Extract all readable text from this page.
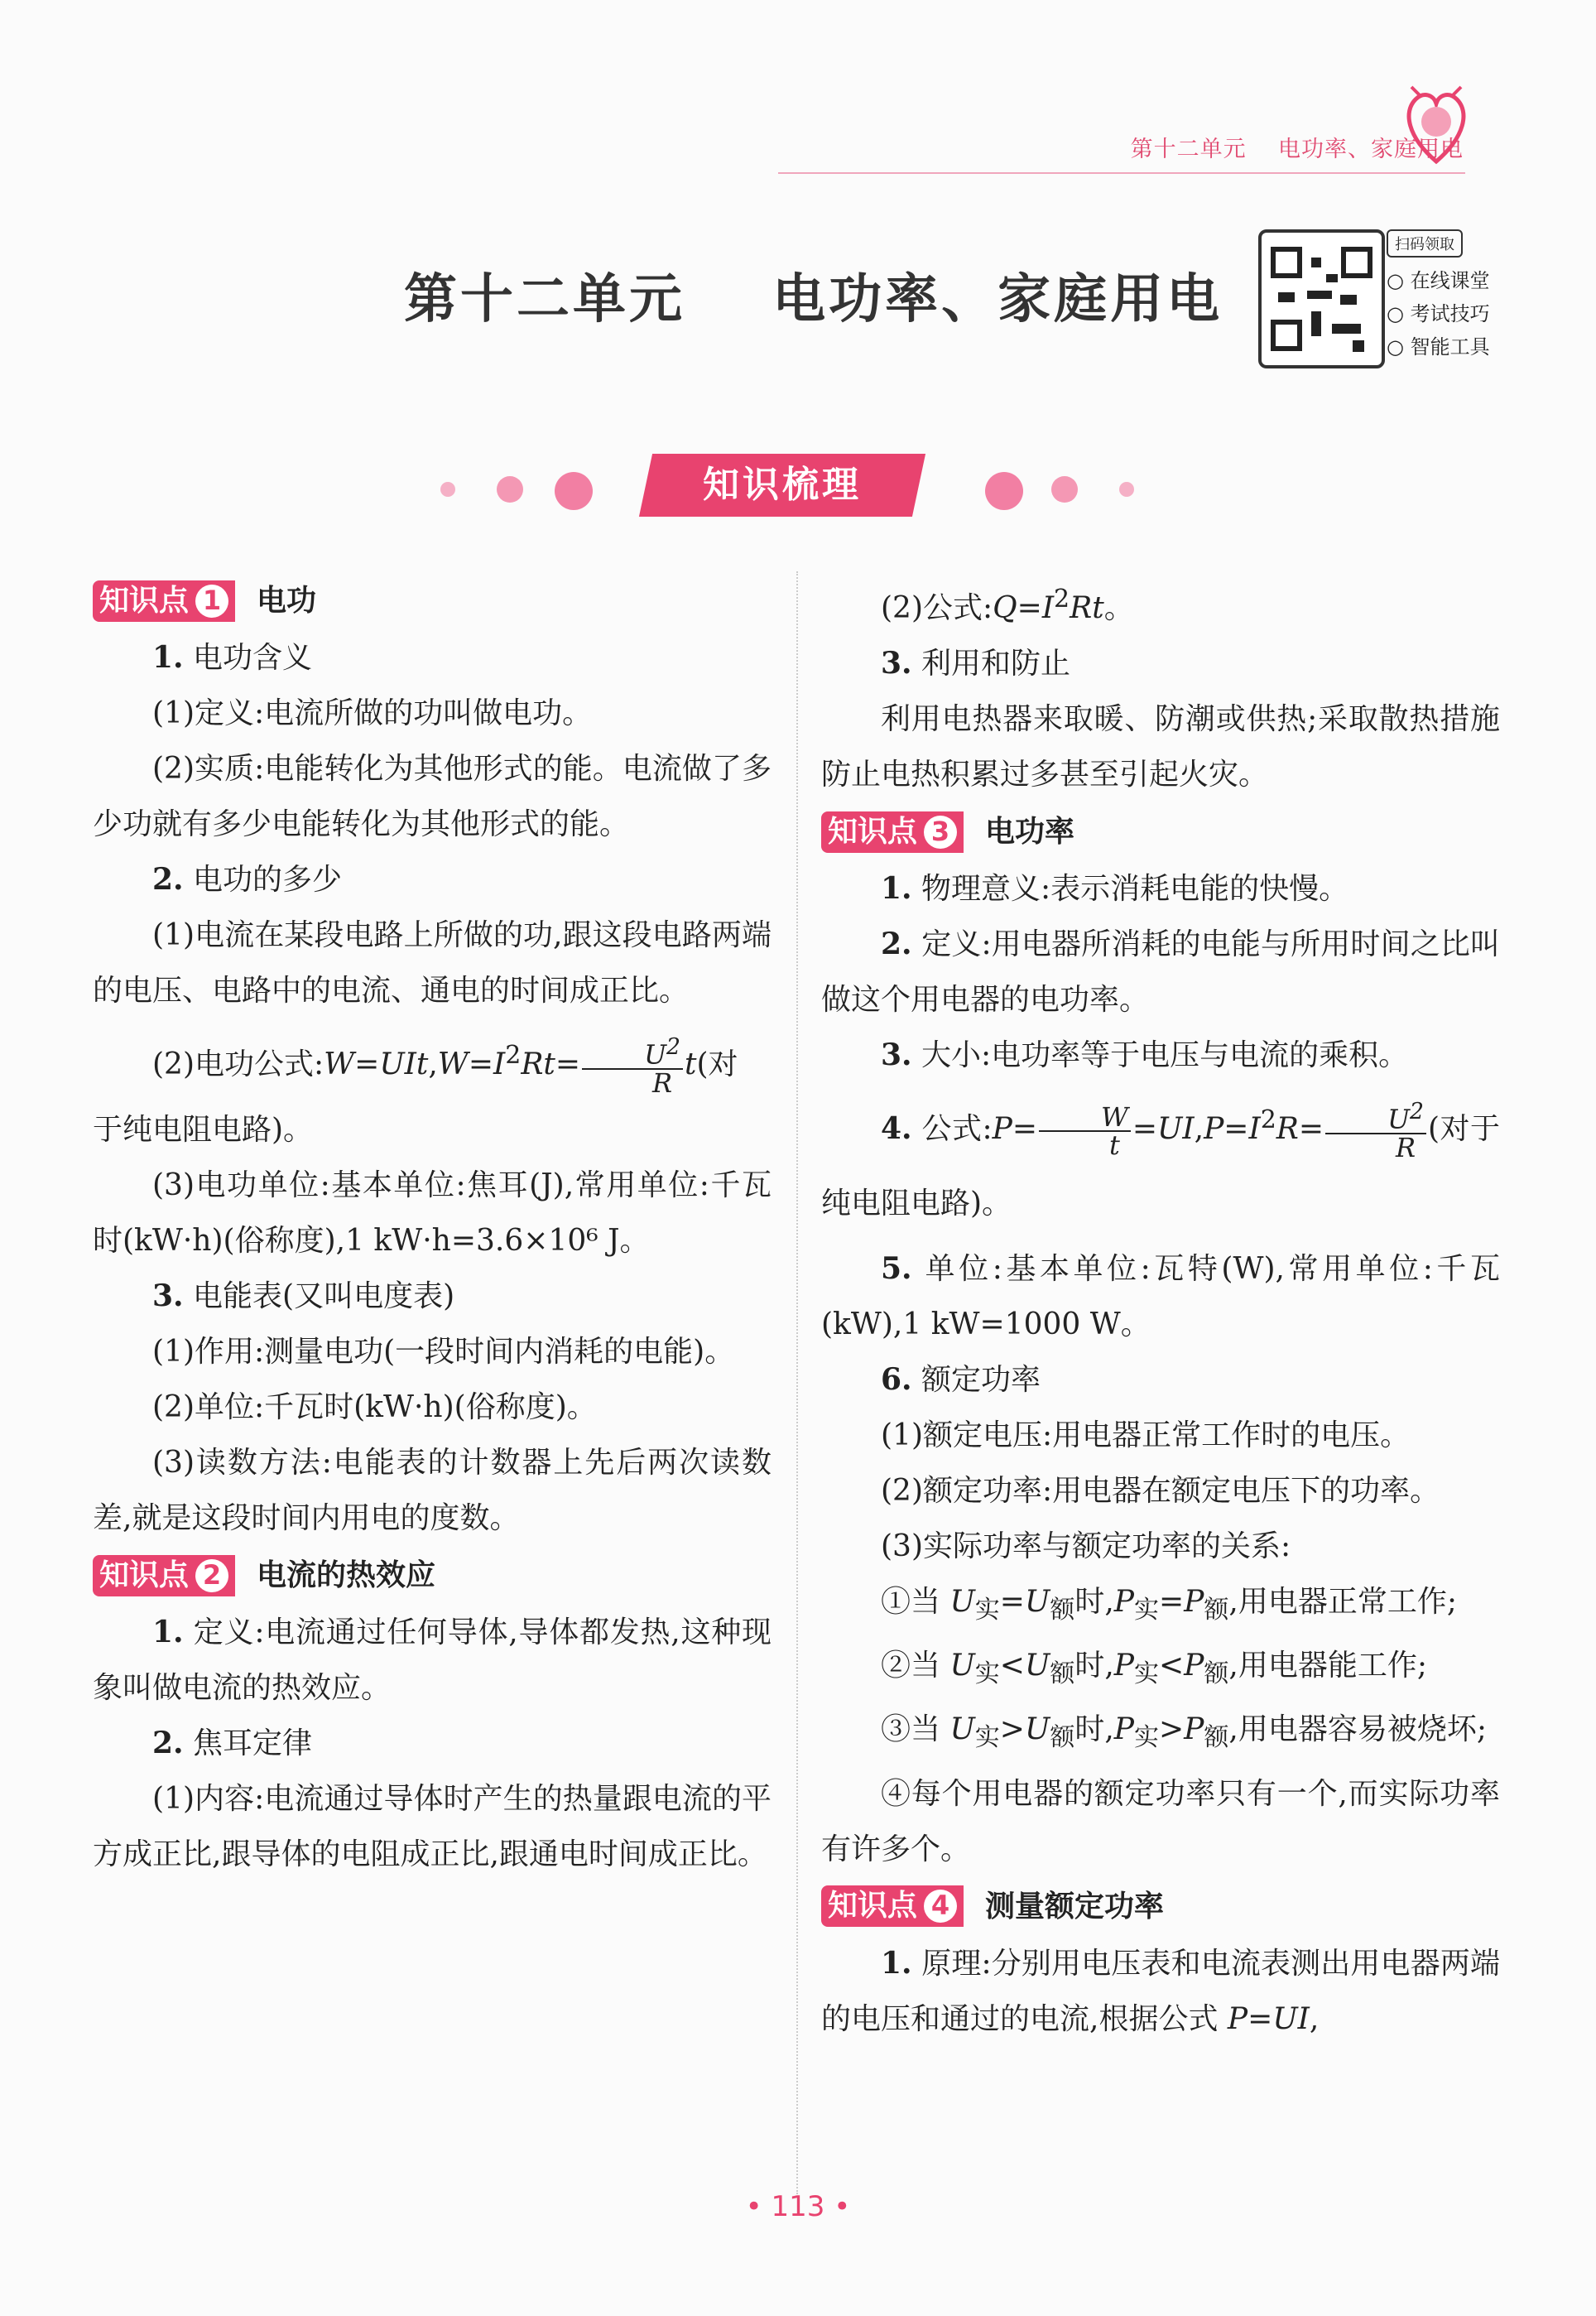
第十二单元 电功率、家庭用电
第十二单元 电功率、家庭用电
扫码领取
○ 在线课堂
○ 考试技巧
○ 智能工具
知识梳理
知识点 1 电功

1. 电功含义

(1)定义:电流所做的功叫做电功。

(2)实质:电能转化为其他形式的能。电流做了多少功就有多少电能转化为其他形式的能。

2. 电功的多少

(1)电流在某段电路上所做的功,跟这段电路两端的电压、电路中的电流、通电的时间成正比。

(2)电功公式$:W=UIt,W=I^2Rt= \frac{U^2}{R} t$(对

于纯电阻电路)。

(3)电功单位:基本单位:焦耳(J),常用单位:千瓦时(kW·h)(俗称度),1 kW·h=3.6×10⁶ J。

3. 电能表(又叫电度表)

(1)作用:测量电功(一段时间内消耗的电能)。

(2)单位:千瓦时(kW·h)(俗称度)。

(3)读数方法:电能表的计数器上先后两次读数差,就是这段时间内用电的度数。

知识点 2 电流的热效应

1. 定义:电流通过任何导体,导体都发热,这种现象叫做电流的热效应。

2. 焦耳定律

(1)内容:电流通过导体时产生的热量跟电流的平方成正比,跟导体的电阻成正比,跟通电时间成正比。

(2)公式$:Q=I^2Rt$。

3. 利用和防止

利用电热器来取暖、防潮或供热;采取散热措施防止电热积累过多甚至引起火灾。

知识点 3 电功率

1. 物理意义:表示消耗电能的快慢。

2. 定义:用电器所消耗的电能与所用时间之比叫做这个用电器的电功率。

3. 大小:电功率等于电压与电流的乘积。

4. 公式:P= $\frac{W}{t} =UI,P=I^2R= \frac{U^2}{R}$ (对于纯电阻电路)。

5. 单位:基本单位:瓦特(W),常用单位:千瓦(kW),1 kW=1000 W。

6. 额定功率

(1)额定电压:用电器正常工作时的电压。

(2)额定功率:用电器在额定电压下的功率。

(3)实际功率与额定功率的关系:

①当 $U_实=U_额$时$,P_实=P_额$,用电器正常工作;

②当 $U_实<U_额$时$,P_实<P_额$,用电器能工作;

③当 $U_实>U_额$时$,P_实>P_额$,用电器容易被烧坏;

④每个用电器的额定功率只有一个,而实际功率有许多个。

知识点 4 测量额定功率

1. 原理:分别用电压表和电流表测出用电器两端的电压和通过的电流,根据公式 P=UI,

• 113 •
